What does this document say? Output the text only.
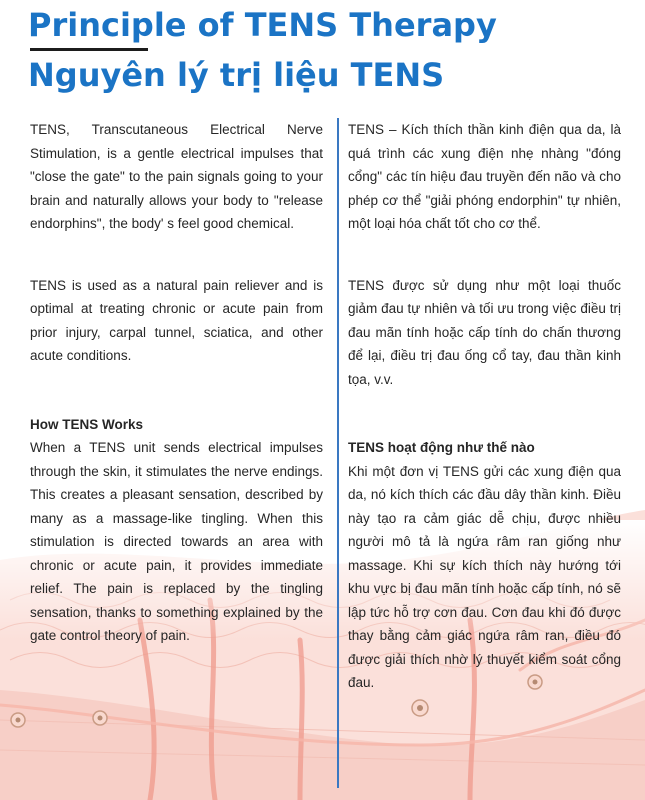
Principle of TENS Therapy
Nguyên lý trị liệu TENS

TENS, Transcutaneous Electrical Nerve Stimulation, is a gentle electrical impulses that "close the gate" to the pain signals going to your brain and naturally allows your body to "release endorphins", the body' s feel good chemical.

TENS is used as a natural pain reliever and is optimal at treating chronic or acute pain from prior injury, carpal tunnel, sciatica, and other acute conditions.

How TENS Works

When a TENS unit sends electrical impulses through the skin, it stimulates the nerve endings. This creates a pleasant sensation, described by many as a massage-like tingling. When this stimulation is directed towards an area with chronic or acute pain, it provides immediate relief. The pain is replaced by the tingling sensation, thanks to something explained by the gate control theory of pain.

TENS – Kích thích thần kinh điện qua da, là quá trình các xung điện nhẹ nhàng "đóng cổng" các tín hiệu đau truyền đến não và cho phép cơ thể "giải phóng endorphin" tự nhiên, một loại hóa chất tốt cho cơ thể.

TENS được sử dụng như một loại thuốc giảm đau tự nhiên và tối ưu trong việc điều trị đau mãn tính hoặc cấp tính do chấn thương để lại, điều trị đau ống cổ tay, đau thần kinh tọa, v.v.

TENS hoạt động như thế nào

Khi một đơn vị TENS gửi các xung điện qua da, nó kích thích các đầu dây thần kinh. Điều này tạo ra cảm giác dễ chịu, được nhiều người mô tả là ngứa râm ran giống như massage. Khi sự kích thích này hướng tới khu vực bị đau mãn tính hoặc cấp tính, nó sẽ lập tức hỗ trợ cơn đau. Cơn đau khi đó được thay bằng cảm giác ngứa râm ran, điều đó được giải thích nhờ lý thuyết kiểm soát cổng đau.
